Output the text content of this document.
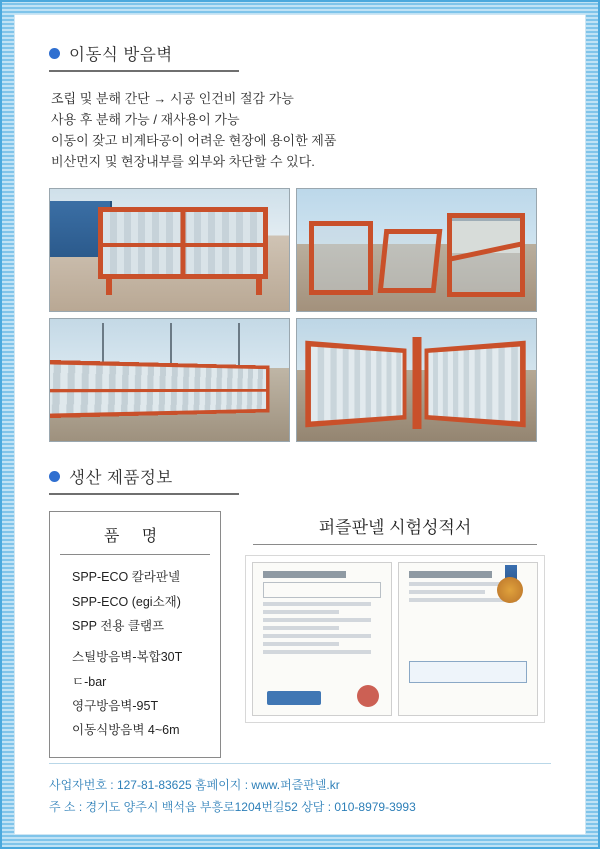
이동식 방음벽
조립 및 분해 간단 → 시공 인건비 절감 가능
사용 후 분해 가능 / 재사용이 가능
이동이 잦고 비계타공이 어려운 현장에 용이한 제품
비산먼지 및 현장내부를 외부와 차단할 수 있다.
생산 제품정보
품 명
SPP-ECO 칼라판넬
SPP-ECO (egi소재)
SPP 전용 클램프
스틸방음벽-복합30T
ㄷ-bar
영구방음벽-95T
이동식방음벽 4~6m
퍼즐판넬 시험성적서
사업자번호 : 127-81-83625 홈페이지 : www.퍼즐판넬.kr
주 소 : 경기도 양주시 백석읍 부흥로1204번길52 상담 : 010-8979-3993
